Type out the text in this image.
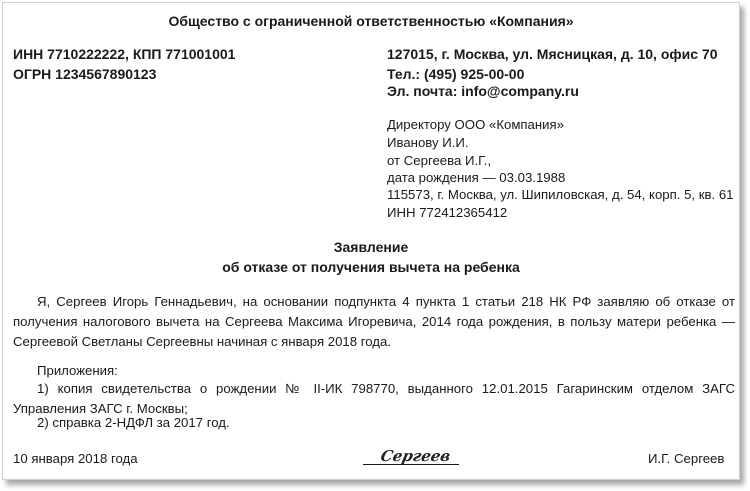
Общество с ограниченной ответственностью «Компания»
ИНН 7710222222, КПП 771001001
ОГРН 1234567890123
127015, г. Москва, ул. Мясницкая, д. 10, офис 70
Тел.: (495) 925-00-00
Эл. почта: info@company.ru
Директору ООО «Компания»
Иванову И.И.
от Сергеева И.Г.,
дата рождения — 03.03.1988
115573, г. Москва, ул. Шипиловская, д. 54, корп. 5, кв. 61
ИНН 772412365412
Заявление
об отказе от получения вычета на ребенка
Я, Сергеев Игорь Геннадьевич, на основании подпункта 4 пункта 1 статьи 218 НК РФ заявляю об отказе от получения налогового вычета на Сергеева Максима Игоревича, 2014 года рождения, в пользу матери ребенка — Сергеевой Светланы Сергеевны начиная с января 2018 года.
Приложения:
1) копия свидетельства о рождении № II-ИК 798770, выданного 12.01.2015 Гагаринским отделом ЗАГС Управления ЗАГС г. Москвы;
2) справка 2-НДФЛ за 2017 год.
10 января 2018 года	Сергеев	И.Г. Сергеев
